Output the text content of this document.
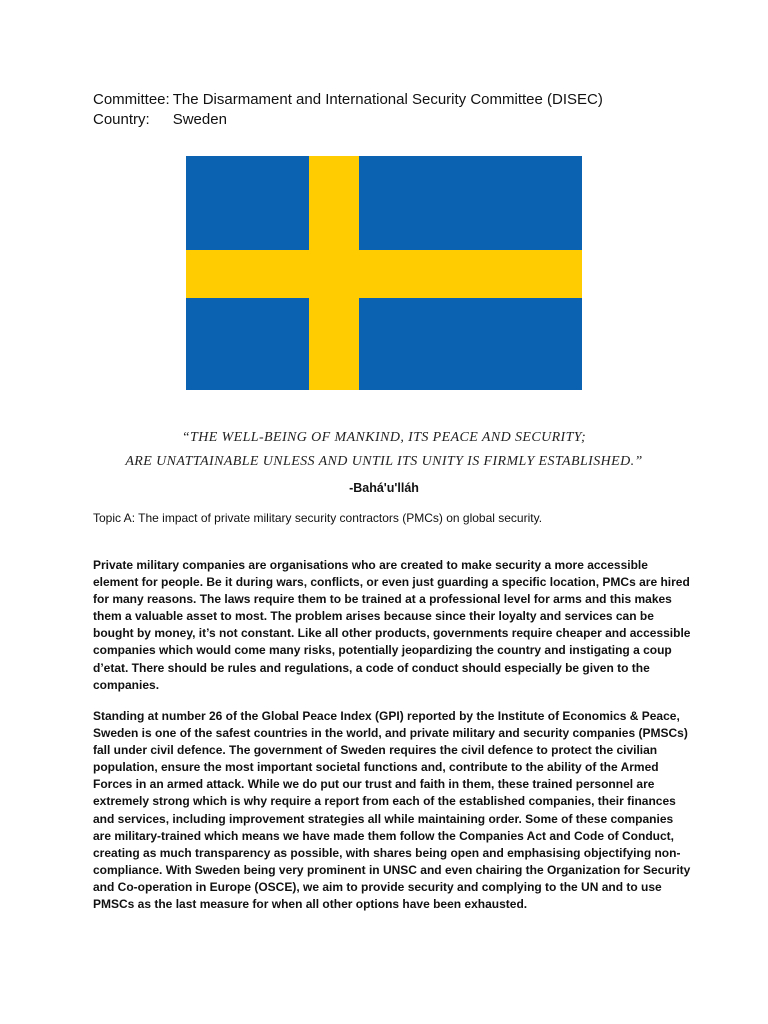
Committee: The Disarmament and International Security Committee (DISEC)
Country: Sweden
“THE WELL-BEING OF MANKIND, ITS PEACE AND SECURITY;
ARE UNATTAINABLE UNLESS AND UNTIL ITS UNITY IS FIRMLY ESTABLISHED.”
-Bahá'u'lláh
Topic A: The impact of private military security contractors (PMCs) on global security.
Private military companies are organisations who are created to make security a more accessible element for people. Be it during wars, conflicts, or even just guarding a specific location, PMCs are hired for many reasons. The laws require them to be trained at a professional level for arms and this makes them a valuable asset to most. The problem arises because since their loyalty and services can be bought by money, it’s not constant. Like all other products, governments require cheaper and accessible companies which would come many risks, potentially jeopardizing the country and instigating a coup d’etat. There should be rules and regulations, a code of conduct should especially be given to the companies.
Standing at number 26 of the Global Peace Index (GPI) reported by the Institute of Economics & Peace, Sweden is one of the safest countries in the world, and private military and security companies (PMSCs) fall under civil defence. The government of Sweden requires the civil defence to protect the civilian population, ensure the most important societal functions and, contribute to the ability of the Armed Forces in an armed attack. While we do put our trust and faith in them, these trained personnel are extremely strong which is why require a report from each of the established companies, their finances and services, including improvement strategies all while maintaining order. Some of these companies are military-trained which means we have made them follow the Companies Act and Code of Conduct, creating as much transparency as possible, with shares being open and emphasising objectifying non-compliance. With Sweden being very prominent in UNSC and even chairing the Organization for Security and Co-operation in Europe (OSCE), we aim to provide security and complying to the UN and to use PMSCs as the last measure for when all other options have been exhausted.
